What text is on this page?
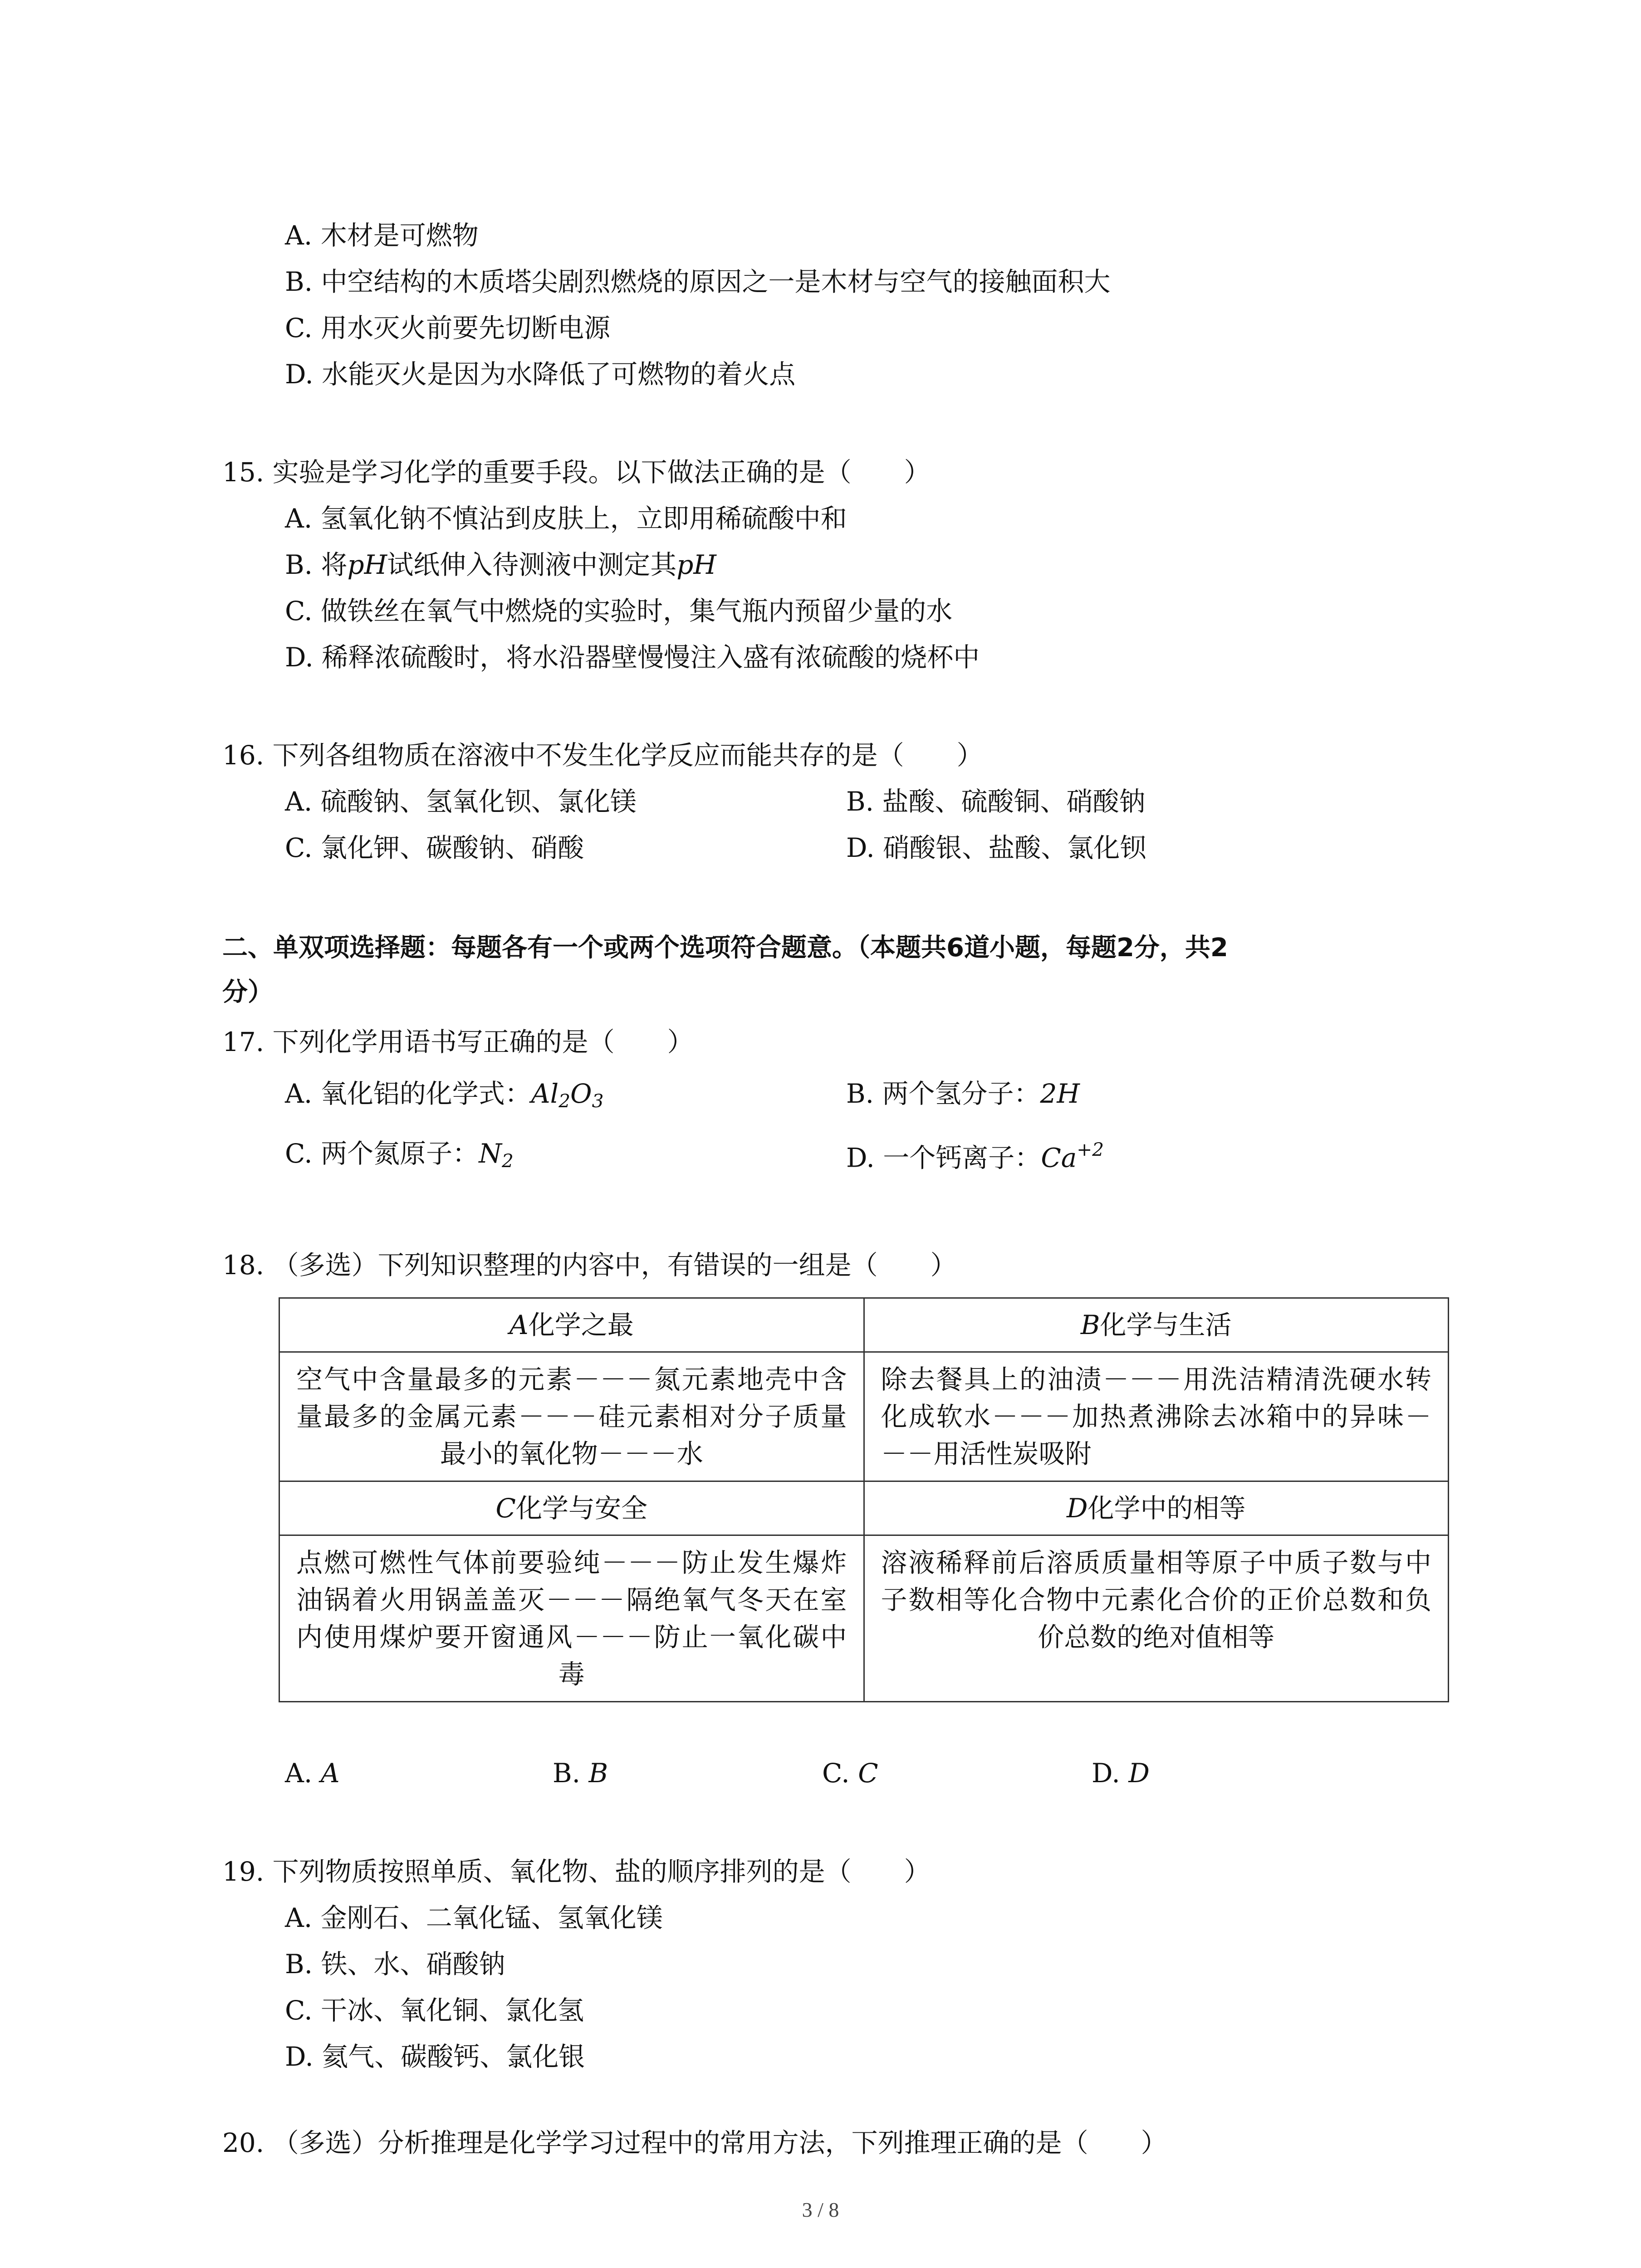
A. 木材是可燃物
B. 中空结构的木质塔尖剧烈燃烧的原因之一是木材与空气的接触面积大
C. 用水灭火前要先切断电源
D. 水能灭火是因为水降低了可燃物的着火点
15. 实验是学习化学的重要手段。以下做法正确的是（　　）
A. 氢氧化钠不慎沾到皮肤上，立即用稀硫酸中和
B. 将pH试纸伸入待测液中测定其pH
C. 做铁丝在氧气中燃烧的实验时，集气瓶内预留少量的水
D. 稀释浓硫酸时，将水沿器壁慢慢注入盛有浓硫酸的烧杯中
16. 下列各组物质在溶液中不发生化学反应而能共存的是（　　）
A. 硫酸钠、氢氧化钡、氯化镁	B. 盐酸、硫酸铜、硝酸钠
C. 氯化钾、碳酸钠、硝酸	D. 硝酸银、盐酸、氯化钡
二、单双项选择题：每题各有一个或两个选项符合题意。（本题共6道小题，每题2分，共2
分）
17. 下列化学用语书写正确的是（　　）
A. 氧化铝的化学式：$Al_2O_3$	B. 两个氢分子：2H
C. 两个氮原子：$N_2$	D. 一个钙离子：$Ca^{+2}$
18. （多选）下列知识整理的内容中，有错误的一组是（　　）
A化学之最	B化学与生活
空气中含量最多的元素－－－氮元素地壳中含量最多的金属元素－－－硅元素相对分子质量最小的氧化物－－－水	除去餐具上的油渍－－－用洗洁精清洗硬水转化成软水－－－加热煮沸除去冰箱中的异味－－－用活性炭吸附
C化学与安全	D化学中的相等
点燃可燃性气体前要验纯－－－防止发生爆炸油锅着火用锅盖盖灭－－－隔绝氧气冬天在室内使用煤炉要开窗通风－－－防止一氧化碳中毒	溶液稀释前后溶质质量相等原子中质子数与中子数相等化合物中元素化合价的正价总数和负价总数的绝对值相等
A. A	B. B	C. C	D. D
19. 下列物质按照单质、氧化物、盐的顺序排列的是（　　）
A. 金刚石、二氧化锰、氢氧化镁
B. 铁、水、硝酸钠
C. 干冰、氧化铜、氯化氢
D. 氦气、碳酸钙、氯化银
20. （多选）分析推理是化学学习过程中的常用方法，下列推理正确的是（　　）
3 / 8
